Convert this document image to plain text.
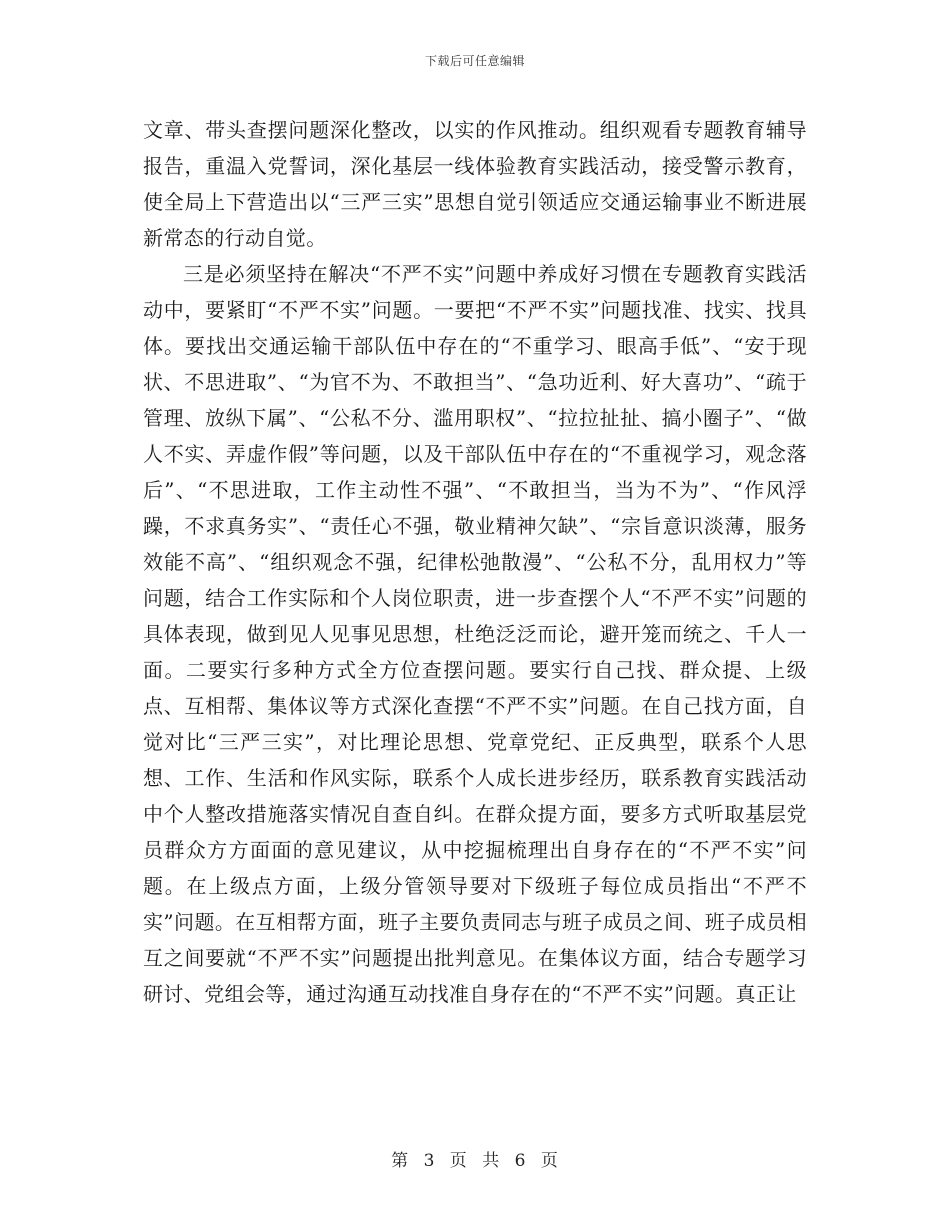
下载后可任意编辑

文章、带头查摆问题深化整改，以实的作风推动。组织观看专题教育辅导报告，重温入党誓词，深化基层一线体验教育实践活动，接受警示教育，使全局上下营造出以“三严三实”思想自觉引领适应交通运输事业不断进展新常态的行动自觉。

三是必须坚持在解决“不严不实”问题中养成好习惯在专题教育实践活动中，要紧盯“不严不实”问题。一要把“不严不实”问题找准、找实、找具体。要找出交通运输干部队伍中存在的“不重学习、眼高手低”、“安于现状、不思进取”、“为官不为、不敢担当”、“急功近利、好大喜功”、“疏于管理、放纵下属”、“公私不分、滥用职权”、“拉拉扯扯、搞小圈子”、“做人不实、弄虚作假”等问题，以及干部队伍中存在的“不重视学习，观念落后”、“不思进取，工作主动性不强”、“不敢担当，当为不为”、“作风浮躁，不求真务实”、“责任心不强，敬业精神欠缺”、“宗旨意识淡薄，服务效能不高”、“组织观念不强，纪律松弛散漫”、“公私不分，乱用权力”等问题，结合工作实际和个人岗位职责，进一步查摆个人“不严不实”问题的具体表现，做到见人见事见思想，杜绝泛泛而论，避开笼而统之、千人一面。二要实行多种方式全方位查摆问题。要实行自己找、群众提、上级点、互相帮、集体议等方式深化查摆“不严不实”问题。在自己找方面，自觉对比“三严三实”，对比理论思想、党章党纪、正反典型，联系个人思想、工作、生活和作风实际，联系个人成长进步经历，联系教育实践活动中个人整改措施落实情况自查自纠。在群众提方面，要多方式听取基层党员群众方方面面的意见建议，从中挖掘梳理出自身存在的“不严不实”问题。在上级点方面，上级分管领导要对下级班子每位成员指出“不严不实”问题。在互相帮方面，班子主要负责同志与班子成员之间、班子成员相互之间要就“不严不实”问题提出批判意见。在集体议方面，结合专题学习研讨、党组会等，通过沟通互动找准自身存在的“不严不实”问题。真正让

第 3 页 共 6 页
